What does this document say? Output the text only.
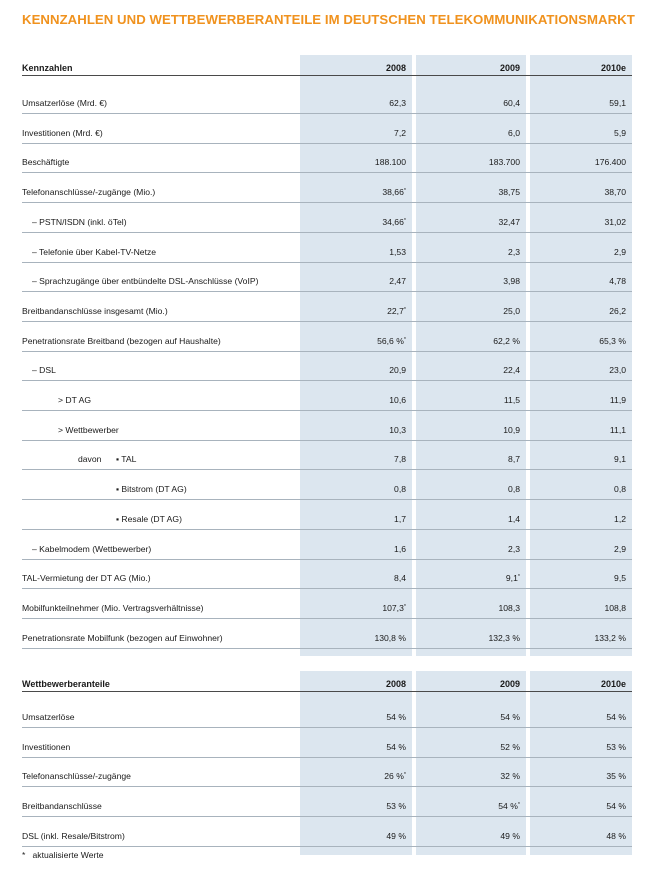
KENNZAHLEN UND WETTBEWERBERANTEILE IM DEUTSCHEN TELEKOMMUNIKATIONSMARKT
Kennzahlen	2008	2009	2010e
Umsatzerlöse (Mrd. €)	62,3	60,4	59,1
Investitionen (Mrd. €)	7,2	6,0	5,9
Beschäftigte	188.100	183.700	176.400
Telefonanschlüsse/-zugänge (Mio.)	38,66*	38,75	38,70
– PSTN/ISDN (inkl. öTel)	34,66*	32,47	31,02
– Telefonie über Kabel-TV-Netze	1,53	2,3	2,9
– Sprachzugänge über entbündelte DSL-Anschlüsse (VoIP)	2,47	3,98	4,78
Breitbandanschlüsse insgesamt (Mio.)	22,7*	25,0	26,2
Penetrationsrate Breitband (bezogen auf Haushalte)	56,6 %*	62,2 %	65,3 %
– DSL	20,9	22,4	23,0
> DT AG	10,6	11,5	11,9
> Wettbewerber	10,3	10,9	11,1
davon ▪ TAL	7,8	8,7	9,1
▪ Bitstrom (DT AG)	0,8	0,8	0,8
▪ Resale (DT AG)	1,7	1,4	1,2
– Kabelmodem (Wettbewerber)	1,6	2,3	2,9
TAL-Vermietung der DT AG (Mio.)	8,4	9,1*	9,5
Mobilfunkteilnehmer (Mio. Vertragsverhältnisse)	107,3*	108,3	108,8
Penetrationsrate Mobilfunk (bezogen auf Einwohner)	130,8 %	132,3 %	133,2 %
Wettbewerberanteile	2008	2009	2010e
Umsatzerlöse	54 %	54 %	54 %
Investitionen	54 %	52 %	53 %
Telefonanschlüsse/-zugänge	26 %*	32 %	35 %
Breitbandanschlüsse	53 %	54 %*	54 %
DSL (inkl. Resale/Bitstrom)	49 %	49 %	48 %
* aktualisierte Werte
